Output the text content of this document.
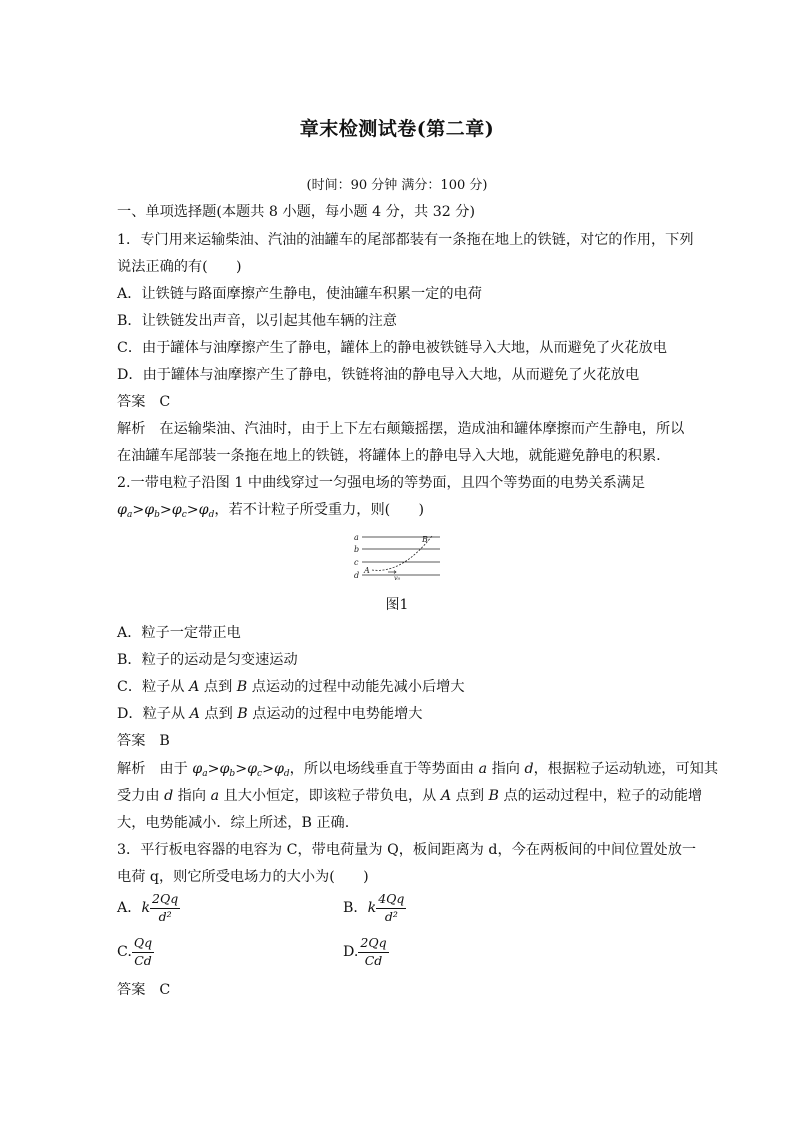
章末检测试卷(第二章)
(时间：90 分钟 满分：100 分)
一、单项选择题(本题共 8 小题，每小题 4 分，共 32 分)
1．专门用来运输柴油、汽油的油罐车的尾部都装有一条拖在地上的铁链，对它的作用，下列
说法正确的有(　　)
A．让铁链与路面摩擦产生静电，使油罐车积累一定的电荷
B．让铁链发出声音，以引起其他车辆的注意
C．由于罐体与油摩擦产生了静电，罐体上的静电被铁链导入大地，从而避免了火花放电
D．由于罐体与油摩擦产生了静电，铁链将油的静电导入大地，从而避免了火花放电
答案 C
解析 在运输柴油、汽油时，由于上下左右颠簸摇摆，造成油和罐体摩擦而产生静电，所以
在油罐车尾部装一条拖在地上的铁链，将罐体上的静电导入大地，就能避免静电的积累.
2.一带电粒子沿图 1 中曲线穿过一匀强电场的等势面，且四个等势面的电势关系满足
$\varphi_a>\varphi_b>\varphi_c>\varphi_d$，若不计粒子所受重力，则(　　)
a
b
c
d
A
B
v₀
图1
A．粒子一定带正电
B．粒子的运动是匀变速运动
C．粒子从 A 点到 B 点运动的过程中动能先减小后增大
D．粒子从 A 点到 B 点运动的过程中电势能增大
答案 B
解析 由于 $\varphi_a>\varphi_b>\varphi_c>\varphi_d$，所以电场线垂直于等势面由 a 指向 d，根据粒子运动轨迹，可知其
受力由 d 指向 a 且大小恒定，即该粒子带负电，从 A 点到 B 点的运动过程中，粒子的动能增
大，电势能减小．综上所述，B 正确.
3．平行板电容器的电容为 C，带电荷量为 Q，板间距离为 d，今在两板间的中间位置处放一
电荷 q，则它所受电场力的大小为(　　)
A．k $\frac{2Qq}{\text{d²}}$	B．k $\frac{4Qq}{\text{d²}}$
C. $\frac{Qq}{Cd}$	D. $\frac{2Qq}{Cd}$
答案 C
